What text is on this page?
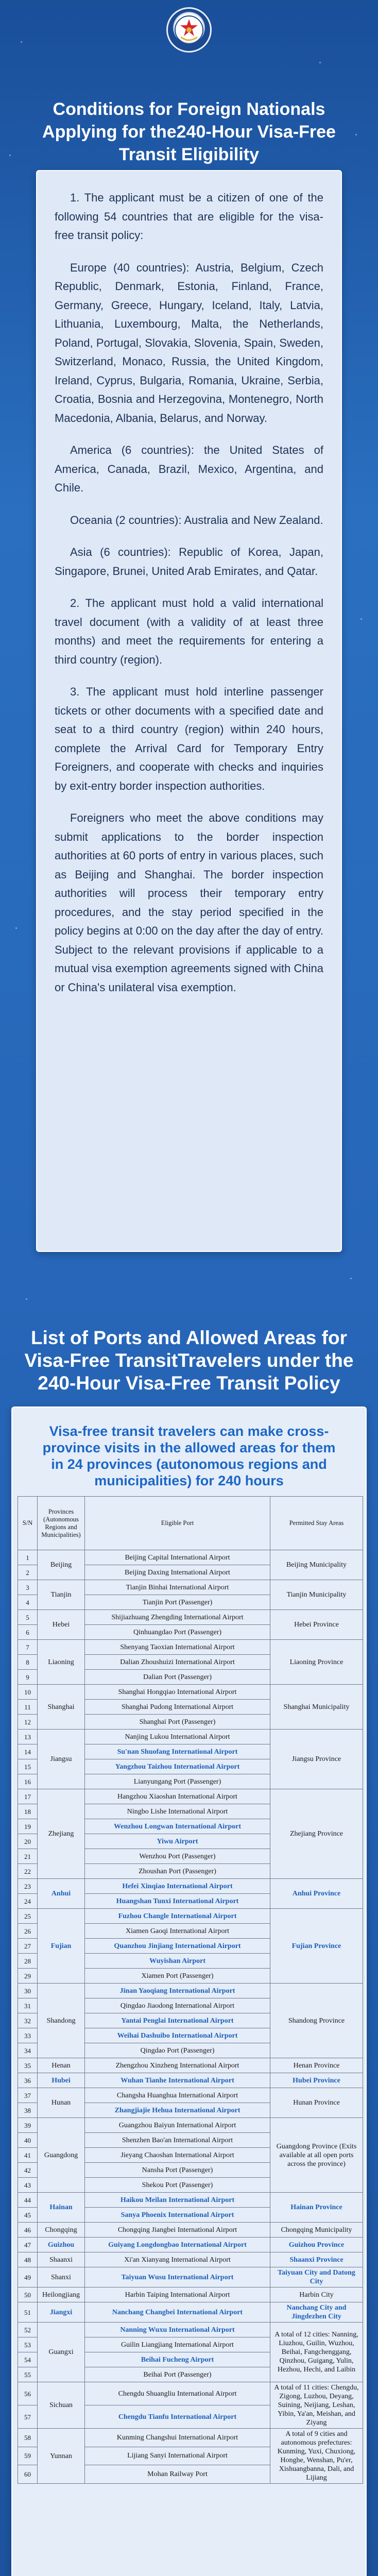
Conditions for Foreign Nationals Applying for the240-Hour Visa-Free Transit Eligibility

1. The applicant must be a citizen of one of the following 54 countries that are eligible for the visa-free transit policy:

Europe (40 countries): Austria, Belgium, Czech Republic, Denmark, Estonia, Finland, France, Germany, Greece, Hungary, Iceland, Italy, Latvia, Lithuania, Luxembourg, Malta, the Netherlands, Poland, Portugal, Slovakia, Slovenia, Spain, Sweden, Switzerland, Monaco, Russia, the United Kingdom, Ireland, Cyprus, Bulgaria, Romania, Ukraine, Serbia, Croatia, Bosnia and Herzegovina, Montenegro, North Macedonia, Albania, Belarus, and Norway.

America (6 countries): the United States of America, Canada, Brazil, Mexico, Argentina, and Chile.

Oceania (2 countries): Australia and New Zealand.

Asia (6 countries): Republic of Korea, Japan, Singapore, Brunei, United Arab Emirates, and Qatar.

2. The applicant must hold a valid international travel document (with a validity of at least three months) and meet the requirements for entering a third country (region).

3. The applicant must hold interline passenger tickets or other documents with a specified date and seat to a third country (region) within 240 hours, complete the Arrival Card for Temporary Entry Foreigners, and cooperate with checks and inquiries by exit-entry border inspection authorities.

Foreigners who meet the above conditions may submit applications to the border inspection authorities at 60 ports of entry in various places, such as Beijing and Shanghai. The border inspection authorities will process their temporary entry procedures, and the stay period specified in the policy begins at 0:00 on the day after the day of entry. Subject to the relevant provisions if applicable to a mutual visa exemption agreements signed with China or China's unilateral visa exemption.

List of Ports and Allowed Areas for Visa-Free TransitTravelers under the 240-Hour Visa-Free Transit Policy
Visa-free transit travelers can make cross-province visits in the allowed areas for them in 24 provinces (autonomous regions and municipalities) for 240 hours
S/N	Provinces (Autonomous Regions and Municipalities)	Eligible Port	Permitted Stay Areas
1	Beijing	Beijing Capital International Airport	Beijing Municipality
2		Beijing Daxing International Airport	
3	Tianjin	Tianjin Binhai International Airport	Tianjin Municipality
4		Tianjin Port (Passenger)	
5	Hebei	Shijiazhuang Zhengding International Airport	Hebei Province
6		Qinhuangdao Port (Passenger)	
7	Liaoning	Shenyang Taoxian International Airport	Liaoning Province
8		Dalian Zhoushuizi International Airport	
9		Dalian Port (Passenger)	
10	Shanghai	Shanghai Hongqiao International Airport	Shanghai Municipality
11		Shanghai Pudong International Airport	
12		Shanghai Port (Passenger)	
13	Jiangsu	Nanjing Lukou International Airport	Jiangsu Province
14		Su'nan Shuofang International Airport	
15		Yangzhou Taizhou International Airport	
16		Lianyungang Port (Passenger)	
17	Zhejiang	Hangzhou Xiaoshan International Airport	Zhejiang Province
18		Ningbo Lishe International Airport	
19		Wenzhou Longwan International Airport	
20		Yiwu Airport	
21		Wenzhou Port (Passenger)	
22		Zhoushan Port (Passenger)	
23	Anhui	Hefei Xinqiao International Airport	Anhui Province
24		Huangshan Tunxi International Airport	
25	Fujian	Fuzhou Changle International Airport	Fujian Province
26		Xiamen Gaoqi International Airport	
27		Quanzhou Jinjiang International Airport	
28		Wuyishan Airport	
29		Xiamen Port (Passenger)	
30	Shandong	Jinan Yaoqiang International Airport	Shandong Province
31		Qingdao Jiaodong International Airport	
32		Yantai Penglai International Airport	
33		Weihai Dashuibo International Airport	
34		Qingdao Port (Passenger)	
35	Henan	Zhengzhou Xinzheng International Airport	Henan Province
36	Hubei	Wuhan Tianhe International Airport	Hubei Province
37	Hunan	Changsha Huanghua International Airport	Hunan Province
38		Zhangjiajie Hehua International Airport	
39	Guangdong	Guangzhou Baiyun International Airport	Guangdong Province (Exits available at all open ports across the province)
40		Shenzhen Bao'an International Airport	
41		Jieyang Chaoshan International Airport	
42		Nansha Port (Passenger)	
43		Shekou Port (Passenger)	
44	Hainan	Haikou Meilan International Airport	Hainan Province
45		Sanya Phoenix International Airport	
46	Chongqing	Chongqing Jiangbei International Airport	Chongqing Municipality
47	Guizhou	Guiyang Longdongbao International Airport	Guizhou Province
48	Shaanxi	Xi'an Xianyang International Airport	Shaanxi Province
49	Shanxi	Taiyuan Wusu International Airport	Taiyuan City and Datong City
50	Heilongjiang	Harbin Taiping International Airport	Harbin City
51	Jiangxi	Nanchang Changbei International Airport	Nanchang City and Jingdezhen City
52	Guangxi	Nanning Wuxu International Airport	A total of 12 cities: Nanning, Liuzhou, Guilin, Wuzhou, Beihai, Fangchenggang, Qinzhou, Guigang, Yulin, Hezhou, Hechi, and Laibin
53		Guilin Liangjiang International Airport	
54		Beihai Fucheng Airport	
55		Beihai Port (Passenger)	
56	Sichuan	Chengdu Shuangliu International Airport	A total of 11 cities: Chengdu, Zigong, Luzhou, Deyang, Suining, Neijiang, Leshan, Yibin, Ya'an, Meishan, and Ziyang
57		Chengdu Tianfu International Airport	
58	Yunnan	Kunming Changshui International Airport	A total of 9 cities and autonomous prefectures: Kunming, Yuxi, Chuxiong, Honghe, Wenshan, Pu'er, Xishuangbanna, Dali, and Lijiang
59		Lijiang Sanyi International Airport	
60		Mohan Railway Port	
